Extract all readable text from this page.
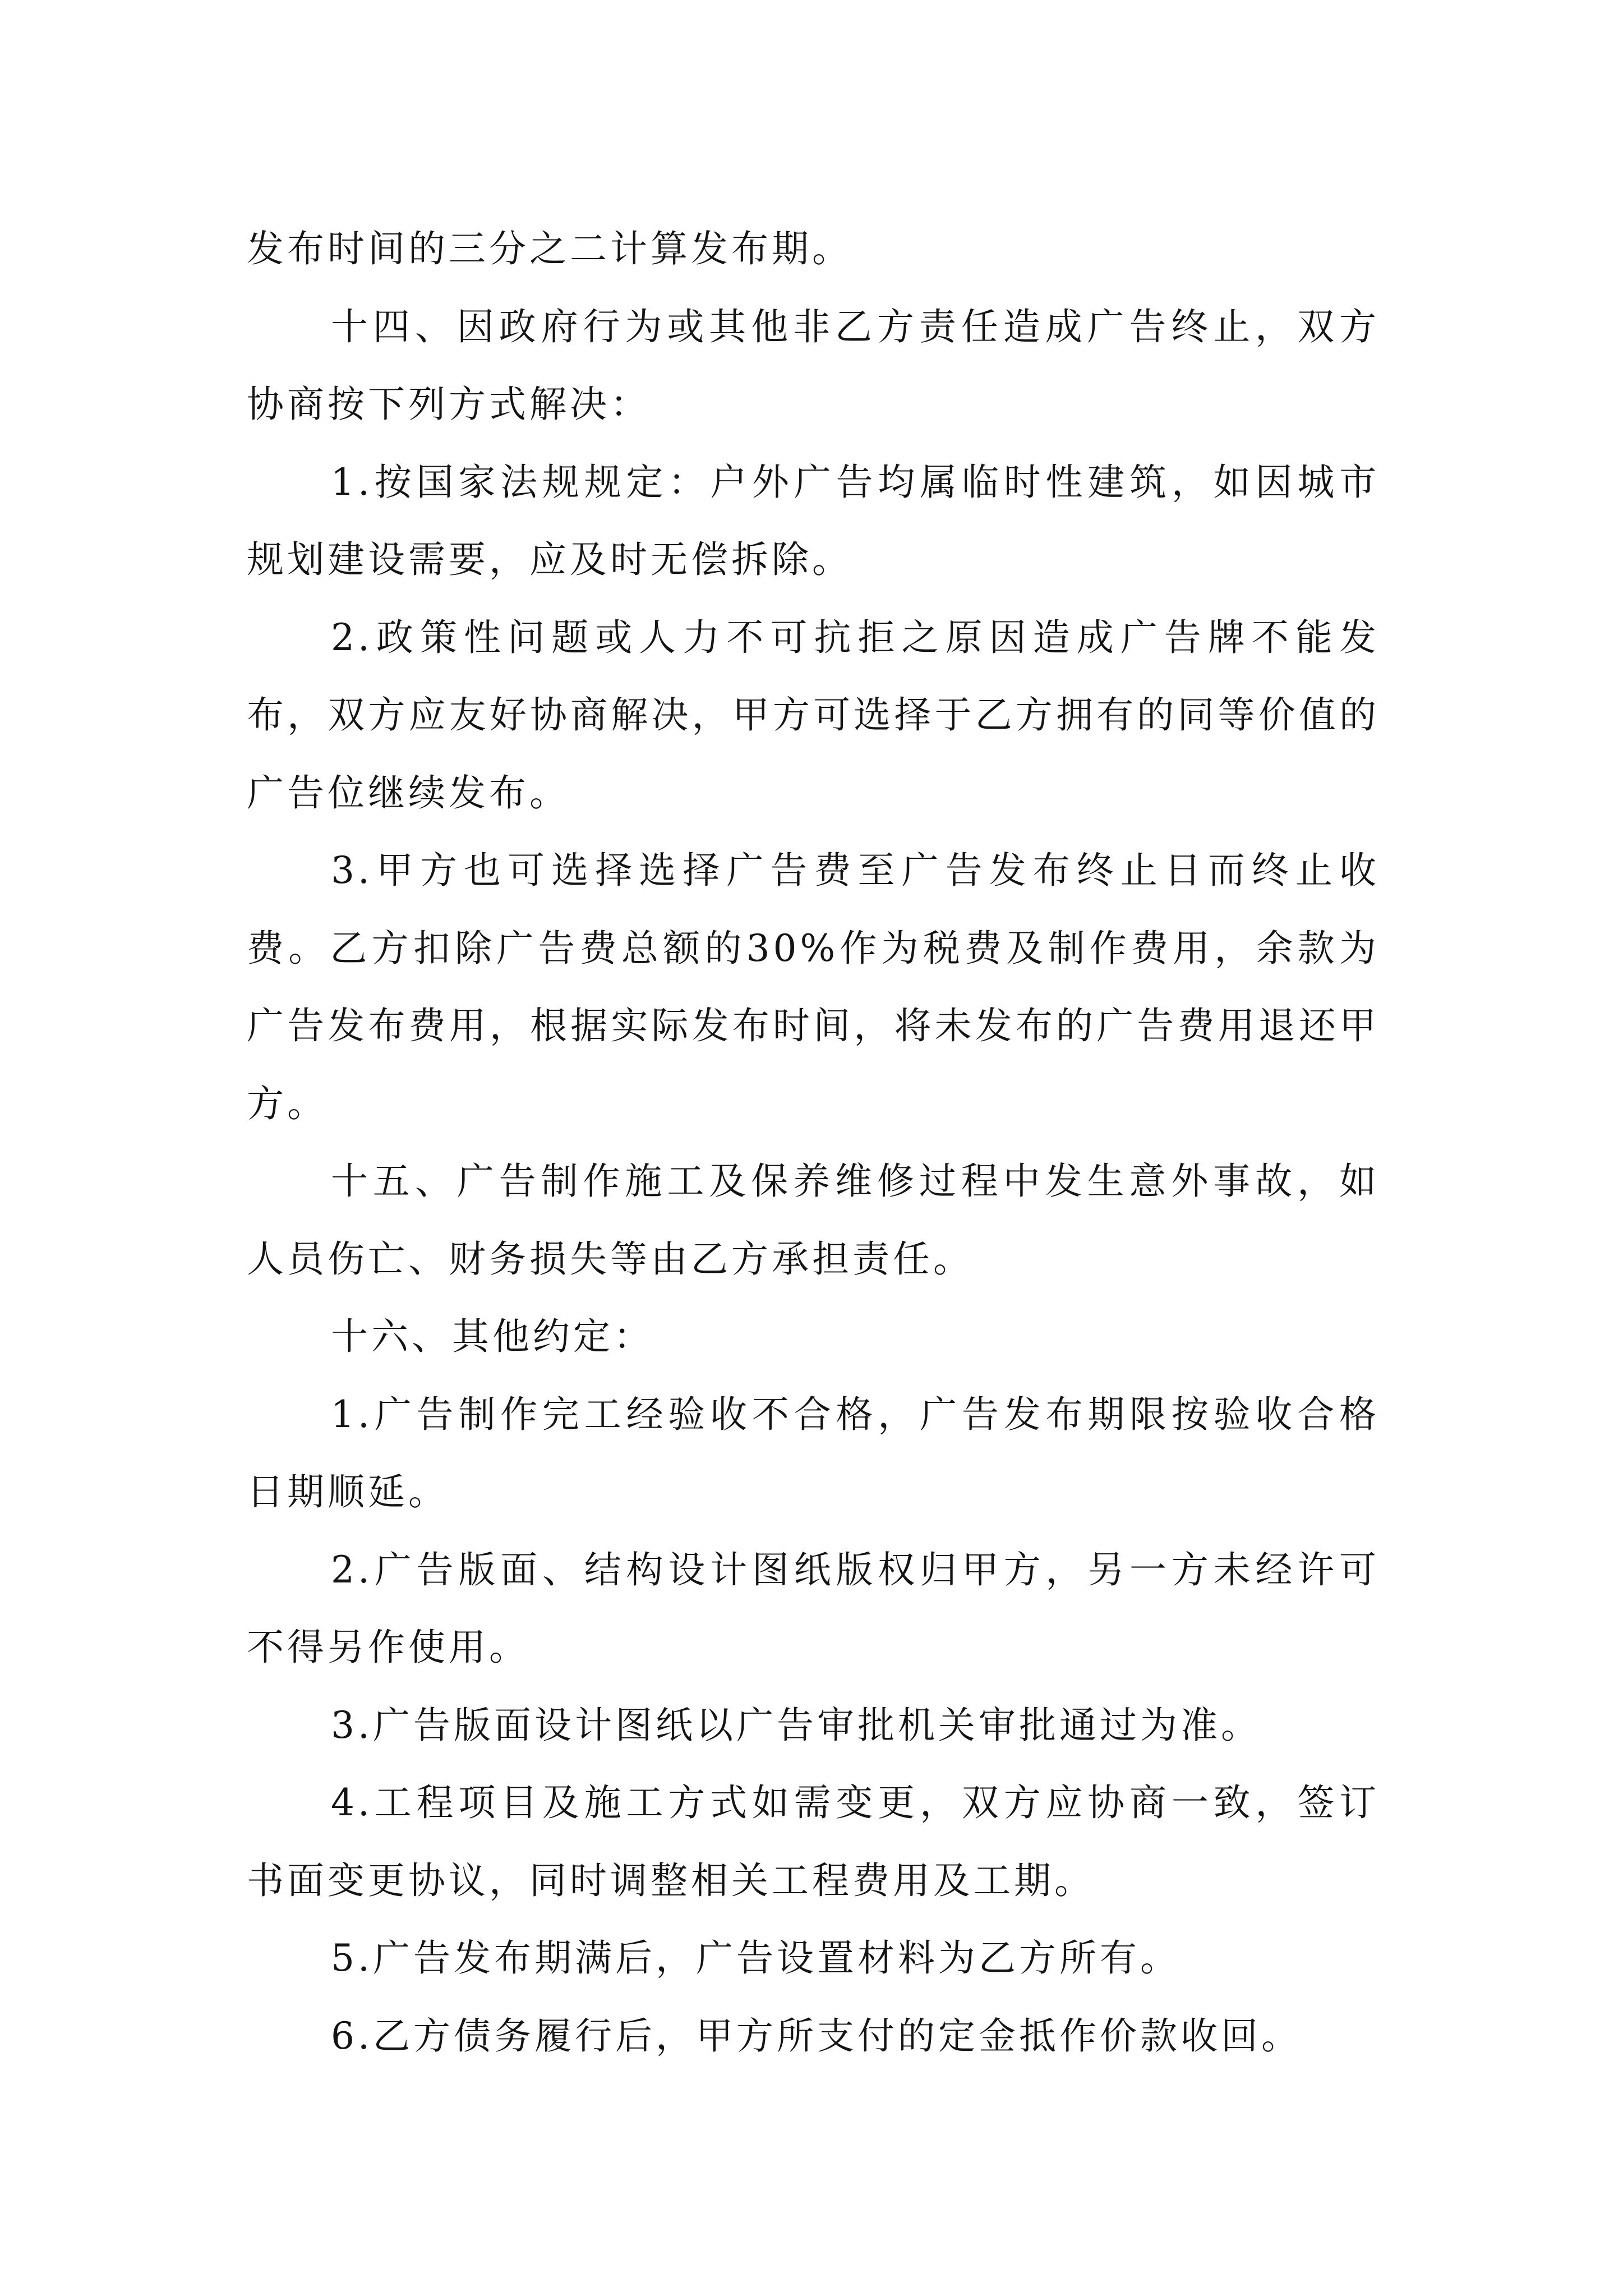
发布时间的三分之二计算发布期。

十四、因政府行为或其他非乙方责任造成广告终止，双方协商按下列方式解决：

1.按国家法规规定：户外广告均属临时性建筑，如因城市规划建设需要，应及时无偿拆除。

2.政策性问题或人力不可抗拒之原因造成广告牌不能发布，双方应友好协商解决，甲方可选择于乙方拥有的同等价值的广告位继续发布。

3.甲方也可选择选择广告费至广告发布终止日而终止收费。乙方扣除广告费总额的30%作为税费及制作费用，余款为广告发布费用，根据实际发布时间，将未发布的广告费用退还甲方。

十五、广告制作施工及保养维修过程中发生意外事故，如人员伤亡、财务损失等由乙方承担责任。

十六、其他约定：

1.广告制作完工经验收不合格，广告发布期限按验收合格日期顺延。

2.广告版面、结构设计图纸版权归甲方，另一方未经许可不得另作使用。

3.广告版面设计图纸以广告审批机关审批通过为准。

4.工程项目及施工方式如需变更，双方应协商一致，签订书面变更协议，同时调整相关工程费用及工期。

5.广告发布期满后，广告设置材料为乙方所有。

6.乙方债务履行后，甲方所支付的定金抵作价款收回。
